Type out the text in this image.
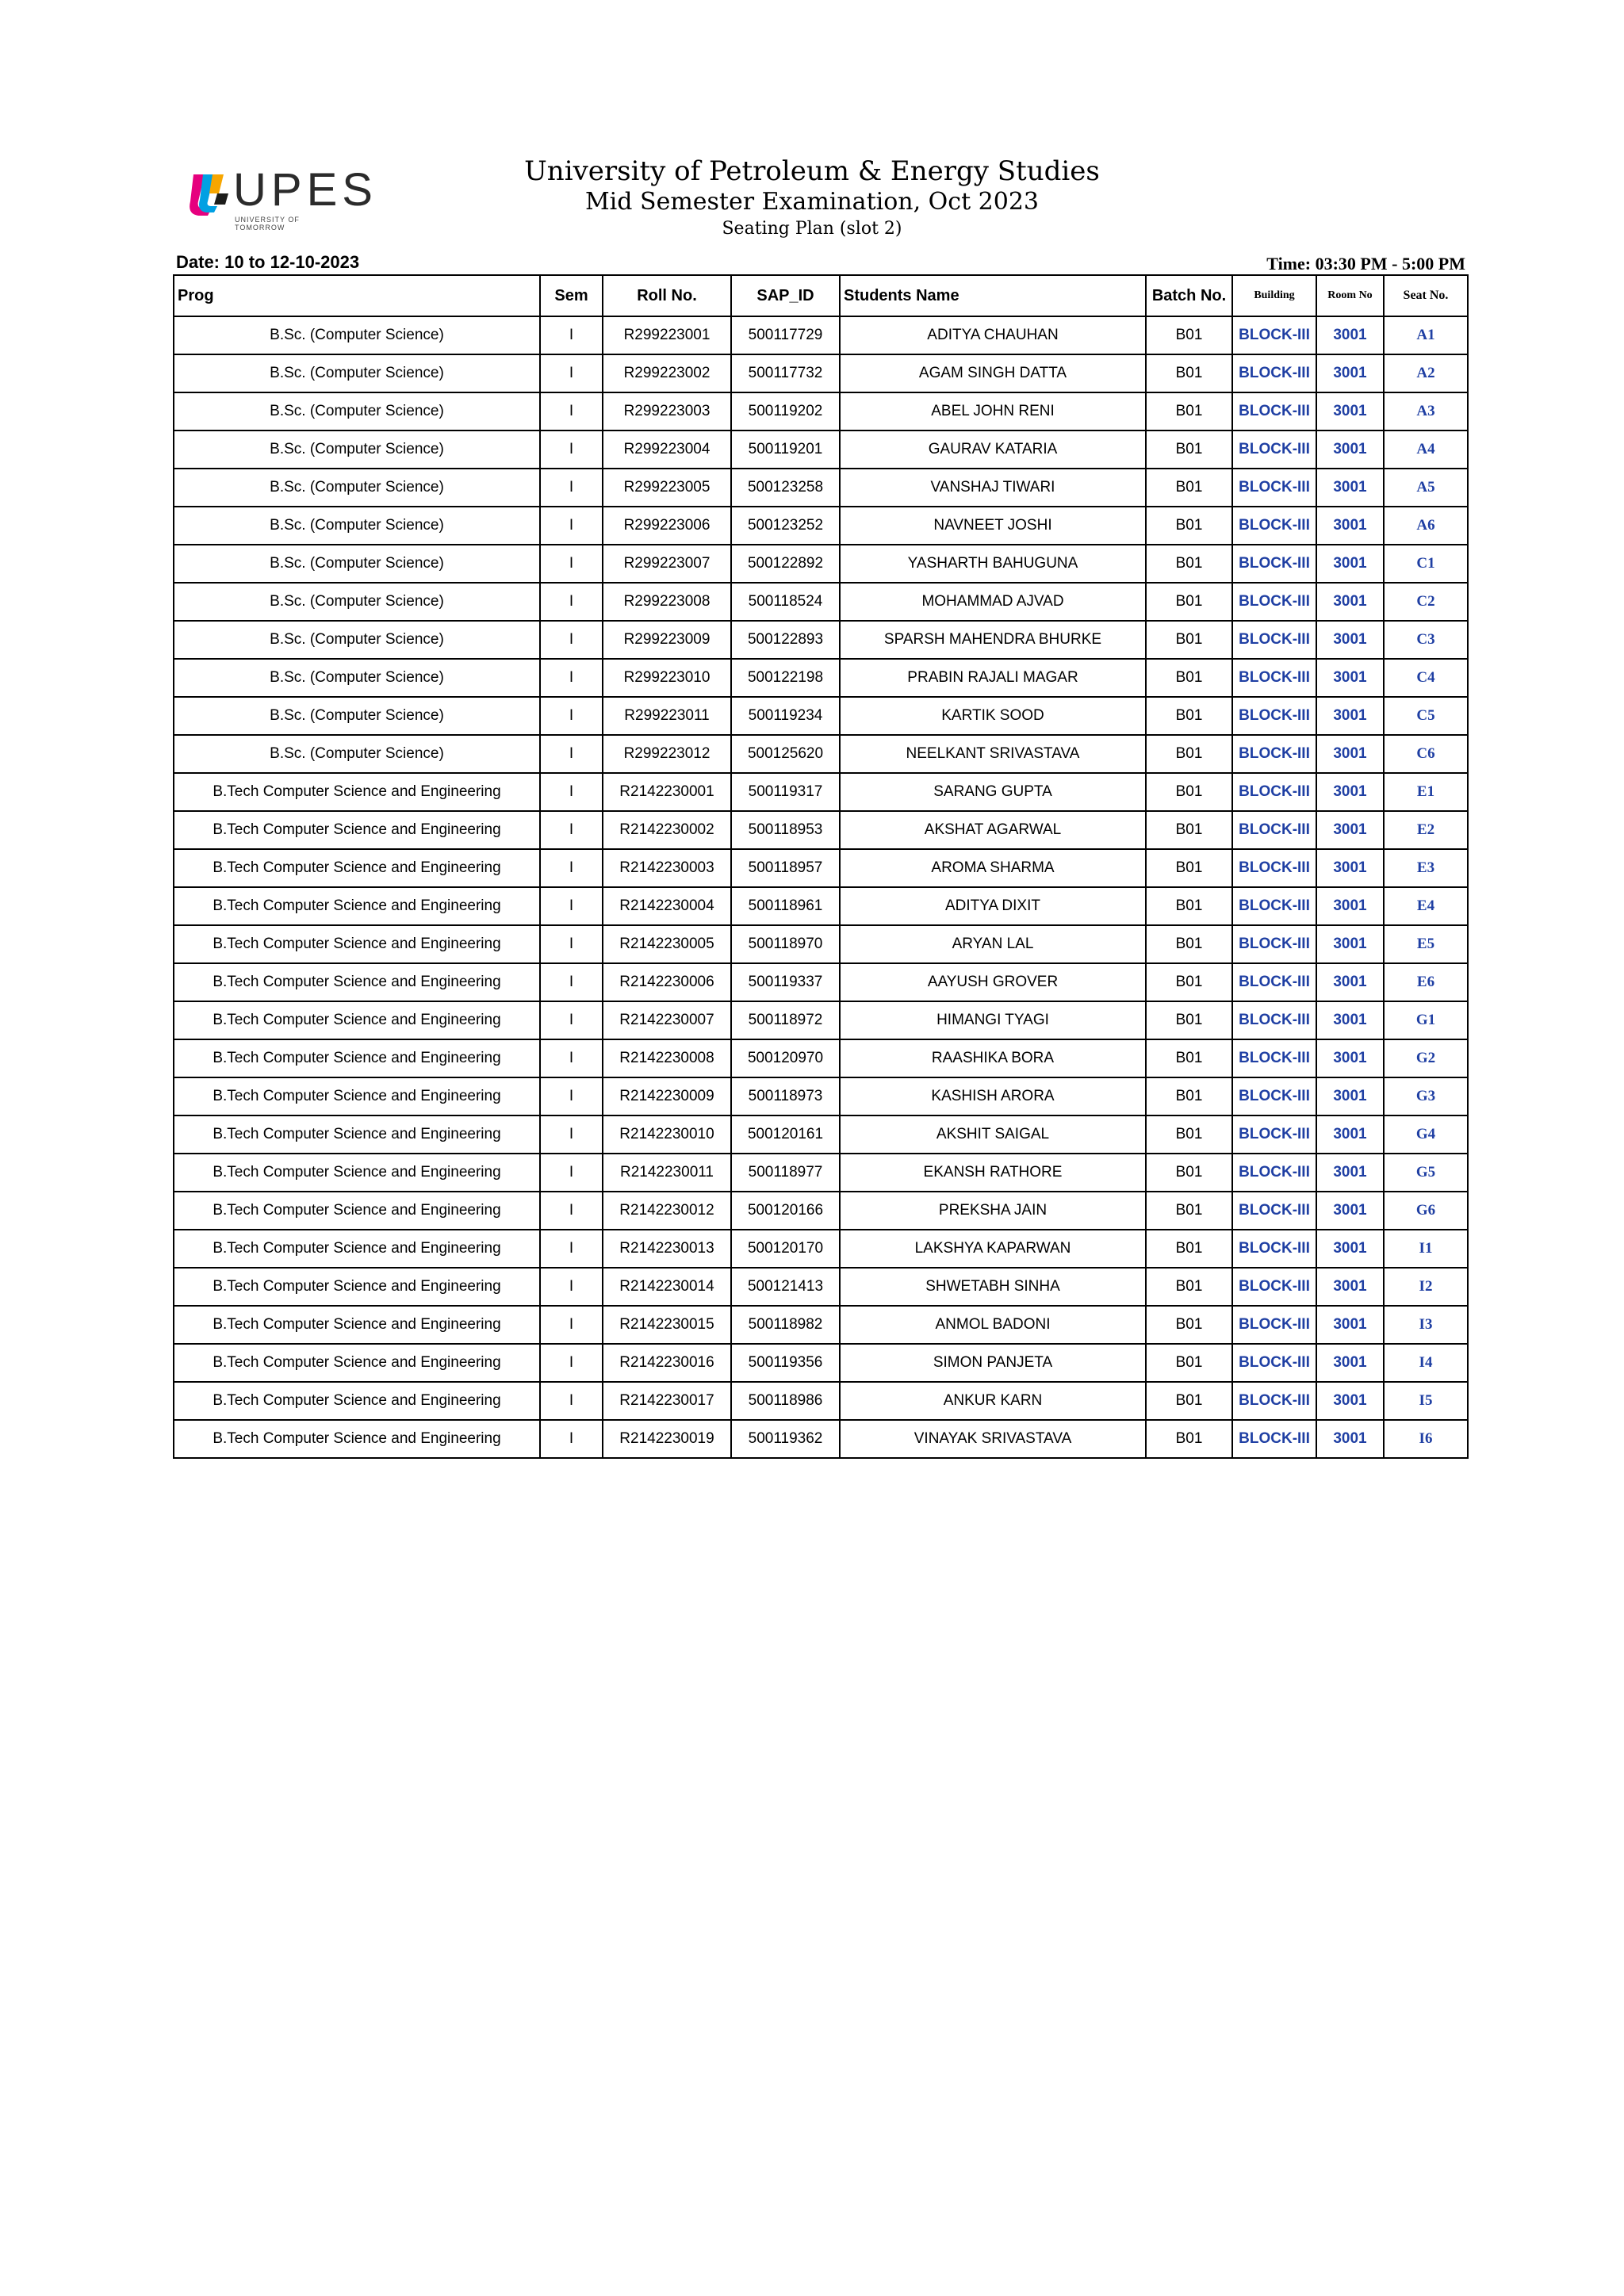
UPES
UNIVERSITY OF TOMORROW
University of Petroleum & Energy Studies
Mid Semester Examination, Oct 2023
Seating Plan (slot 2)
Date: 10 to 12-10-2023	Time: 03:30 PM - 5:00 PM
Prog	Sem	Roll No.	SAP_ID	Students Name	Batch No.	Building	Room No	Seat No.
B.Sc. (Computer Science)	I	R299223001	500117729	ADITYA CHAUHAN	B01	BLOCK-III	3001	A1
B.Sc. (Computer Science)	I	R299223002	500117732	AGAM SINGH DATTA	B01	BLOCK-III	3001	A2
B.Sc. (Computer Science)	I	R299223003	500119202	ABEL JOHN RENI	B01	BLOCK-III	3001	A3
B.Sc. (Computer Science)	I	R299223004	500119201	GAURAV KATARIA	B01	BLOCK-III	3001	A4
B.Sc. (Computer Science)	I	R299223005	500123258	VANSHAJ TIWARI	B01	BLOCK-III	3001	A5
B.Sc. (Computer Science)	I	R299223006	500123252	NAVNEET JOSHI	B01	BLOCK-III	3001	A6
B.Sc. (Computer Science)	I	R299223007	500122892	YASHARTH BAHUGUNA	B01	BLOCK-III	3001	C1
B.Sc. (Computer Science)	I	R299223008	500118524	MOHAMMAD AJVAD	B01	BLOCK-III	3001	C2
B.Sc. (Computer Science)	I	R299223009	500122893	SPARSH MAHENDRA BHURKE	B01	BLOCK-III	3001	C3
B.Sc. (Computer Science)	I	R299223010	500122198	PRABIN RAJALI MAGAR	B01	BLOCK-III	3001	C4
B.Sc. (Computer Science)	I	R299223011	500119234	KARTIK SOOD	B01	BLOCK-III	3001	C5
B.Sc. (Computer Science)	I	R299223012	500125620	NEELKANT SRIVASTAVA	B01	BLOCK-III	3001	C6
B.Tech Computer Science and Engineering	I	R2142230001	500119317	SARANG GUPTA	B01	BLOCK-III	3001	E1
B.Tech Computer Science and Engineering	I	R2142230002	500118953	AKSHAT AGARWAL	B01	BLOCK-III	3001	E2
B.Tech Computer Science and Engineering	I	R2142230003	500118957	AROMA SHARMA	B01	BLOCK-III	3001	E3
B.Tech Computer Science and Engineering	I	R2142230004	500118961	ADITYA DIXIT	B01	BLOCK-III	3001	E4
B.Tech Computer Science and Engineering	I	R2142230005	500118970	ARYAN LAL	B01	BLOCK-III	3001	E5
B.Tech Computer Science and Engineering	I	R2142230006	500119337	AAYUSH GROVER	B01	BLOCK-III	3001	E6
B.Tech Computer Science and Engineering	I	R2142230007	500118972	HIMANGI TYAGI	B01	BLOCK-III	3001	G1
B.Tech Computer Science and Engineering	I	R2142230008	500120970	RAASHIKA BORA	B01	BLOCK-III	3001	G2
B.Tech Computer Science and Engineering	I	R2142230009	500118973	KASHISH ARORA	B01	BLOCK-III	3001	G3
B.Tech Computer Science and Engineering	I	R2142230010	500120161	AKSHIT SAIGAL	B01	BLOCK-III	3001	G4
B.Tech Computer Science and Engineering	I	R2142230011	500118977	EKANSH RATHORE	B01	BLOCK-III	3001	G5
B.Tech Computer Science and Engineering	I	R2142230012	500120166	PREKSHA JAIN	B01	BLOCK-III	3001	G6
B.Tech Computer Science and Engineering	I	R2142230013	500120170	LAKSHYA KAPARWAN	B01	BLOCK-III	3001	I1
B.Tech Computer Science and Engineering	I	R2142230014	500121413	SHWETABH SINHA	B01	BLOCK-III	3001	I2
B.Tech Computer Science and Engineering	I	R2142230015	500118982	ANMOL BADONI	B01	BLOCK-III	3001	I3
B.Tech Computer Science and Engineering	I	R2142230016	500119356	SIMON PANJETA	B01	BLOCK-III	3001	I4
B.Tech Computer Science and Engineering	I	R2142230017	500118986	ANKUR KARN	B01	BLOCK-III	3001	I5
B.Tech Computer Science and Engineering	I	R2142230019	500119362	VINAYAK SRIVASTAVA	B01	BLOCK-III	3001	I6
